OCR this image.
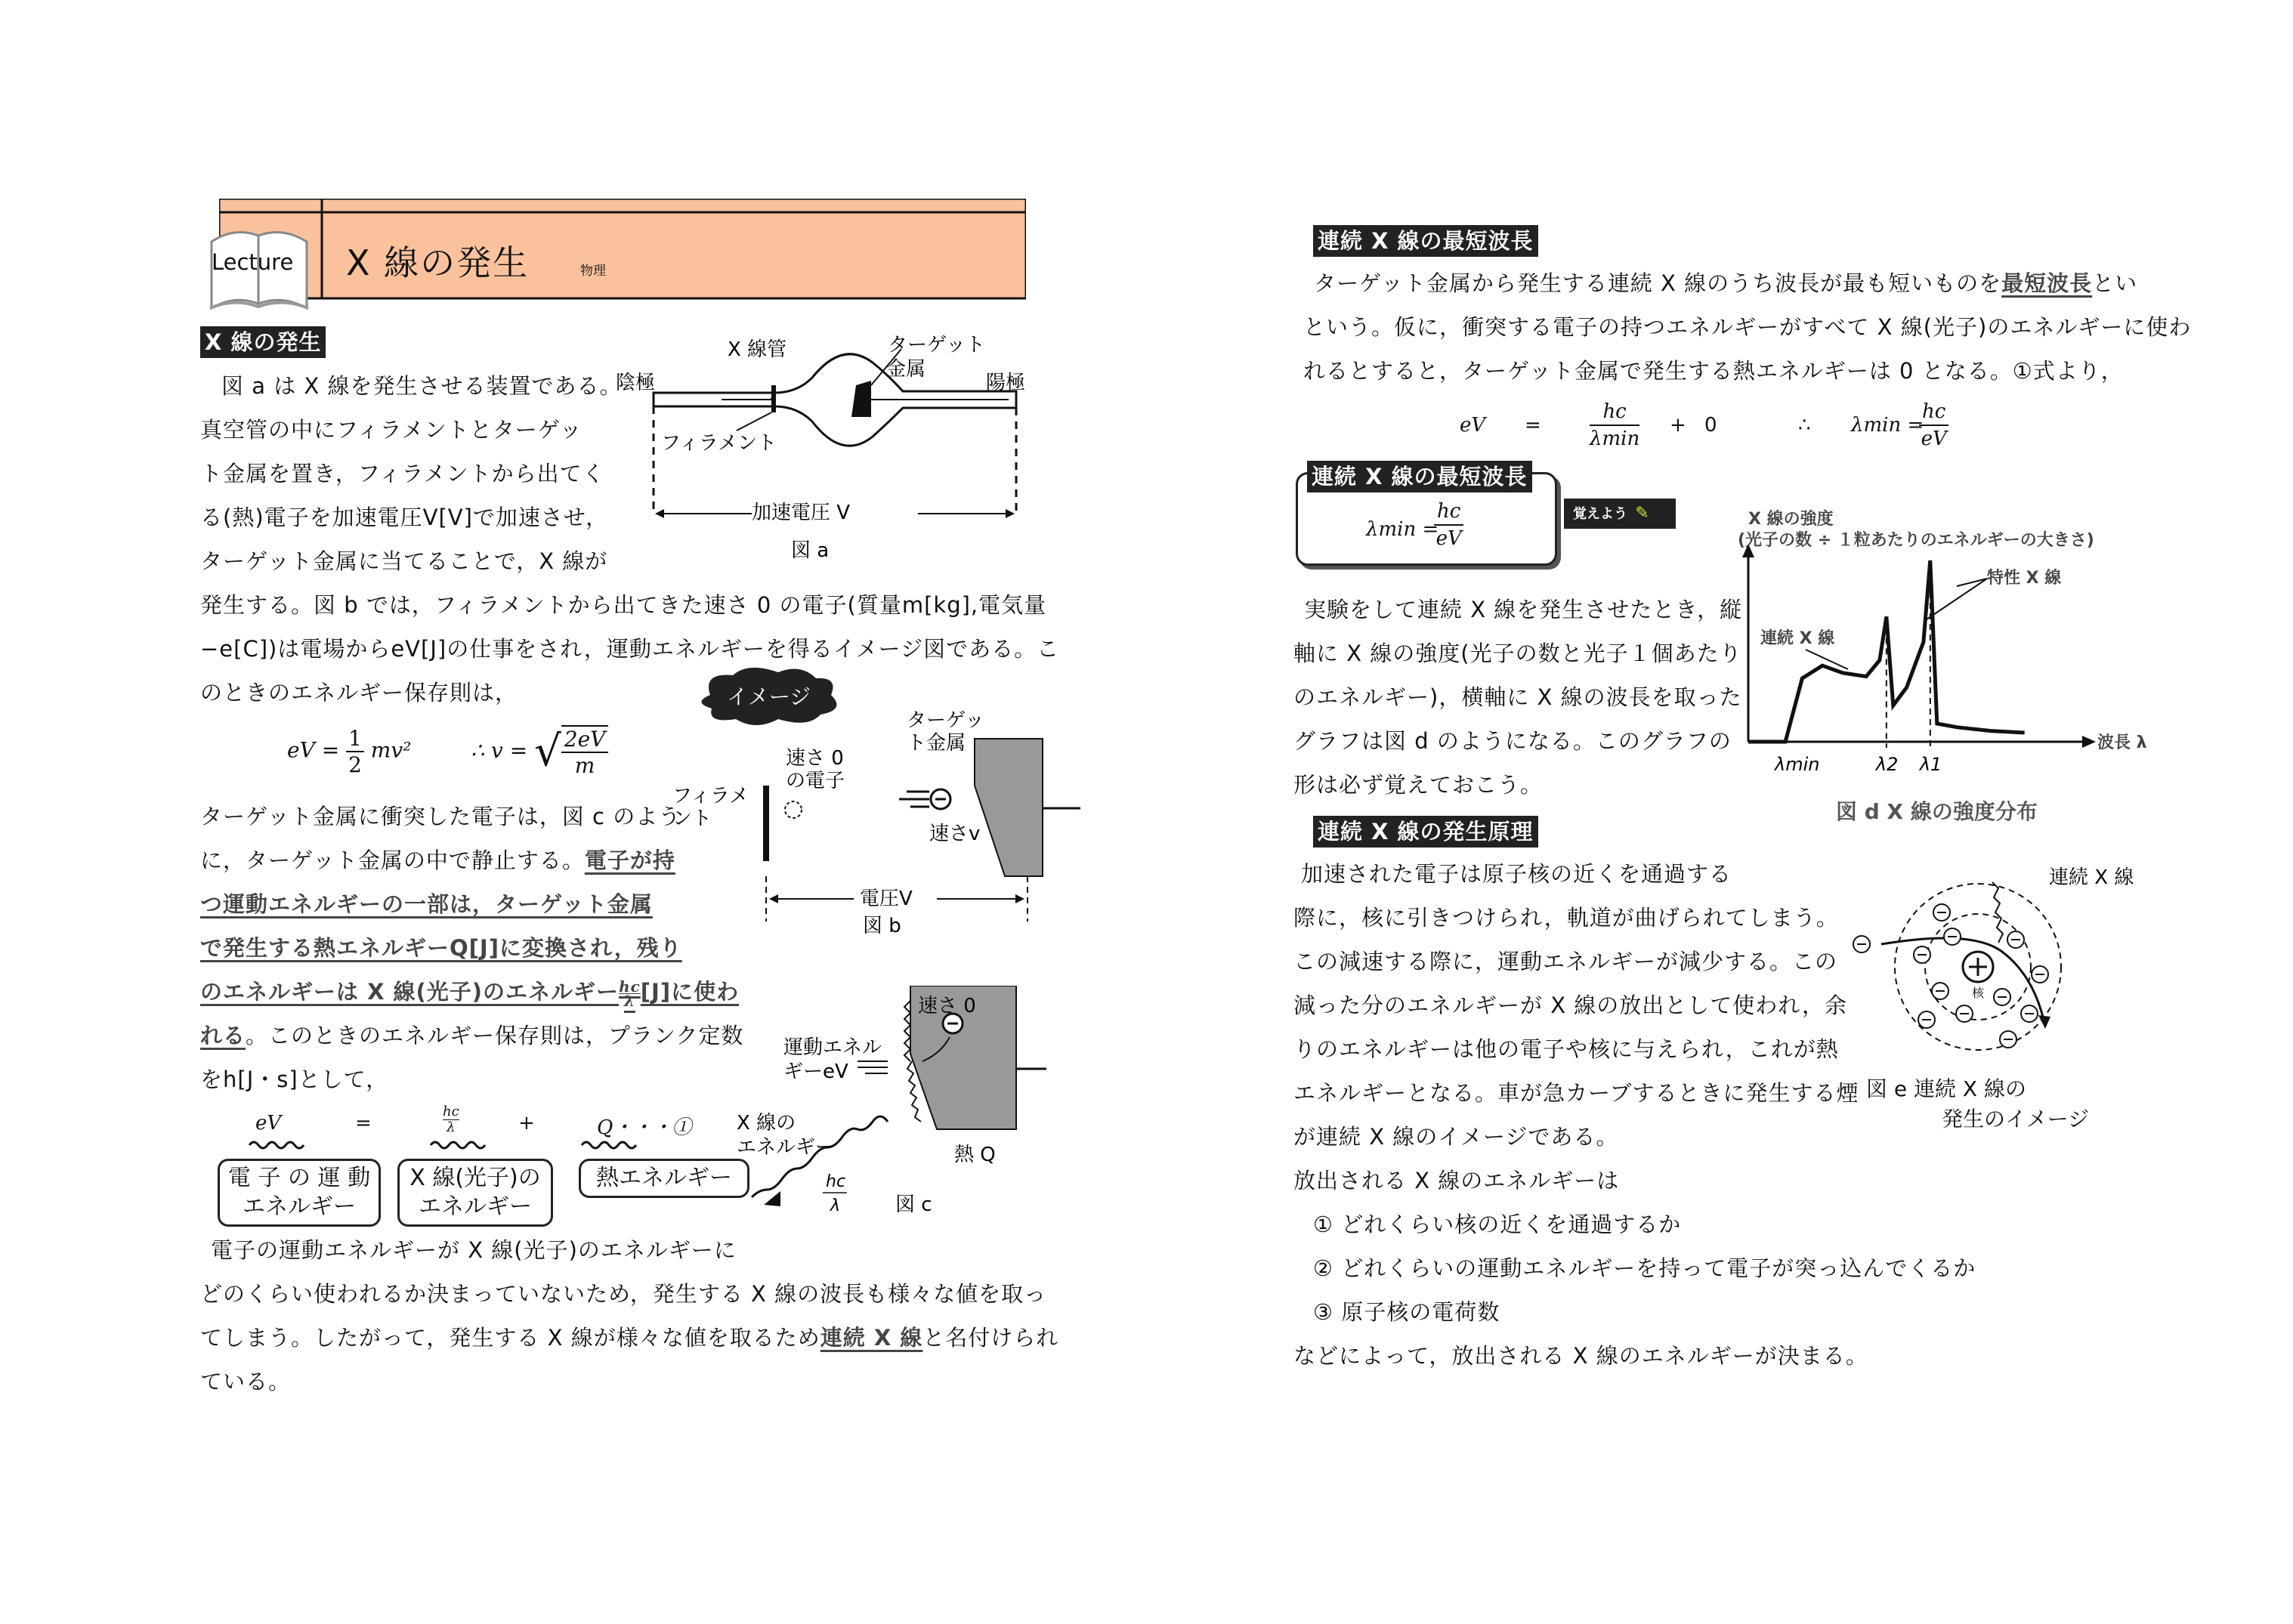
Lecture X 線の発生	物理
X 線の発生
図 a は X 線を発生させる装置である。
真空管の中にフィラメントとターゲッ
ト金属を置き，フィラメントから出てく
る(熱)電子を加速電圧V[V]で加速させ，
ターゲット金属に当てることで，X 線が
発生する。図 b では，フィラメントから出てきた速さ 0 の電子(質量m[kg],電気量
−e[C])は電場からeV[J]の仕事をされ，運動エネルギーを得るイメージ図である。こ
のときのエネルギー保存則は，
X 線管	ターゲット
金属
陰極	陽極
フィラメント
加速電圧 V
図 a
eV = $\frac{1}{2} mv^2$	∴ v = √ $\frac{2eV}{m}$
イメージ
フィラメ
ント
速さ 0
の電子
ターゲッ
ト金属
速さv
電圧V
図 b
ターゲット金属に衝突した電子は，図 c のよう
に，ターゲット金属の中で静止する。電子が持
つ運動エネルギーの一部は，ターゲット金属
で発生する熱エネルギーQ[J]に変換され，残り
のエネルギーは X 線(光子)のエネルギー $\frac{hc}{\lambda} [J]$に使わ
れる。このときのエネルギー保存則は，プランク定数
をh[J・s]として，
eV	=
hc
λ	+	Q・・・①
電 子 の 運 動
エネルギー
X 線(光子)の
エネルギー
熱エネルギー
速さ 0
運動エネル
ギーeV
X 線の
エネルギー	熱 Q
hc
λ	図 c
電子の運動エネルギーが X 線(光子)のエネルギーに
どのくらい使われるか決まっていないため，発生する X 線の波長も様々な値を取っ
てしまう。したがって，発生する X 線が様々な値を取るため連続 X 線と名付けられ
ている。
連続 X 線の最短波長
ターゲット金属から発生する連続 X 線のうち波長が最も短いものを最短波長とい
という。仮に，衝突する電子の持つエネルギーがすべて X 線(光子)のエネルギーに使わ
れるとすると，ターゲット金属で発生する熱エネルギーは 0 となる。①式より，
eV =
hc
λmin
+ 0	∴ λmin =
$\frac{hc}{eV}$
連続 X 線の最短波長
λmin =
$\frac{hc}{eV}$	覚えよう ✎
実験をして連続 X 線を発生させたとき，縦
軸に X 線の強度(光子の数と光子１個あたり
のエネルギー)，横軸に X 線の波長を取った
グラフは図 d のようになる。このグラフの
形は必ず覚えておこう。
λmin	λ2 λ1
X 線の強度
(光子の数 ÷ １粒あたりのエネルギーの大きさ)
波長 λ
特性 X 線
連続 X 線
図 d X 線の強度分布
連続 X 線の発生原理
加速された電子は原子核の近くを通過する
際に，核に引きつけられ，軌道が曲げられてしまう。
この減速する際に，運動エネルギーが減少する。この
減った分のエネルギーが X 線の放出として使われ，余
りのエネルギーは他の電子や核に与えられ，これが熱
エネルギーとなる。車が急カーブするときに発生する煙
が連続 X 線のイメージである。
放出される X 線のエネルギーは
① どれくらい核の近くを通過するか
② どれくらいの運動エネルギーを持って電子が突っ込んでくるか
③ 原子核の電荷数
などによって，放出される X 線のエネルギーが決まる。
核
連続 X 線
図 e 連続 X 線の
発生のイメージ
